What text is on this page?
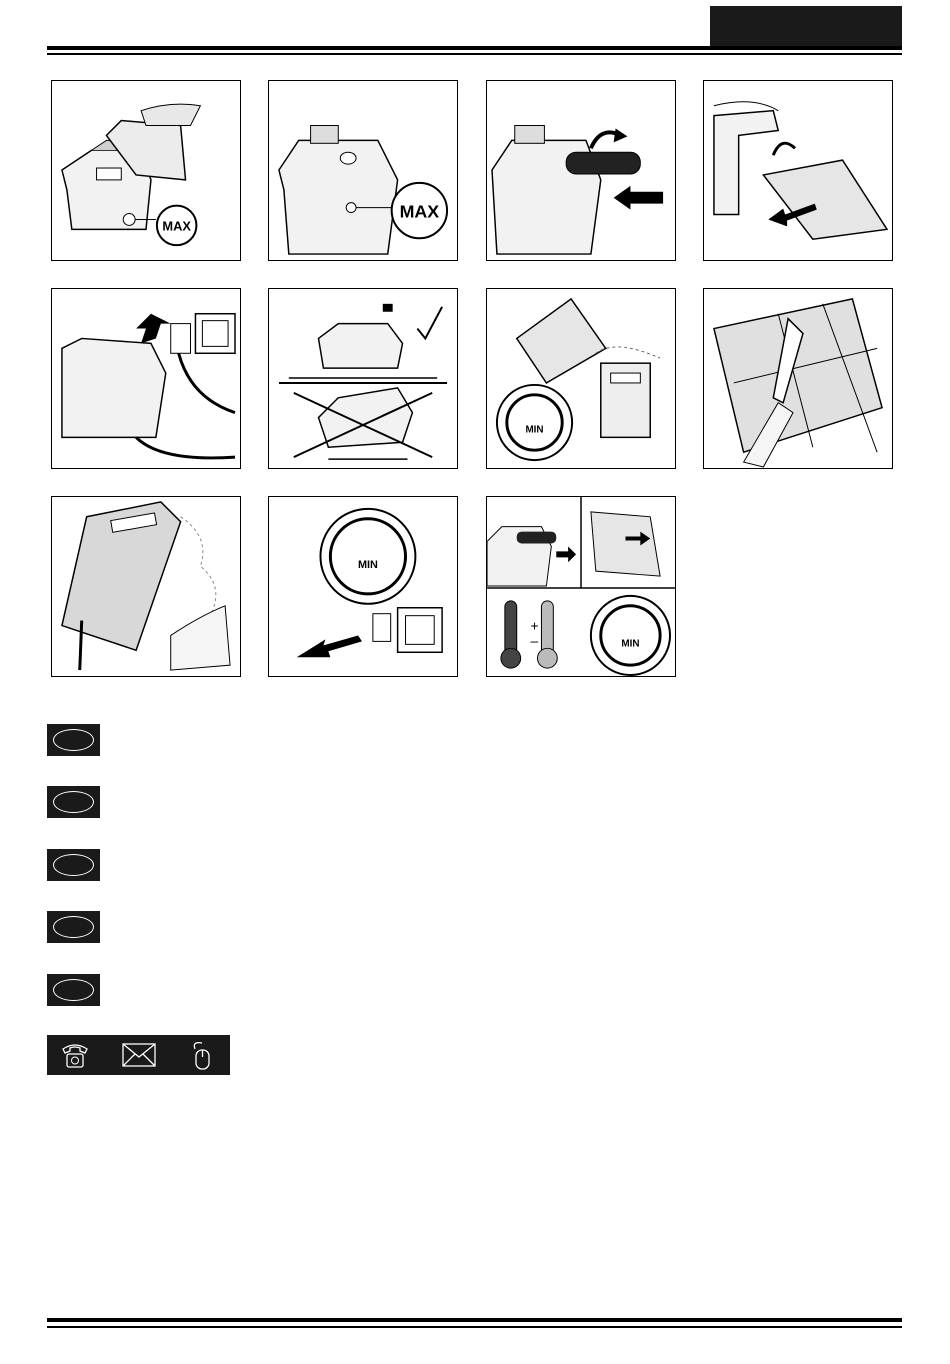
MAX
MAX
MIN
MIN
+
–	MIN
